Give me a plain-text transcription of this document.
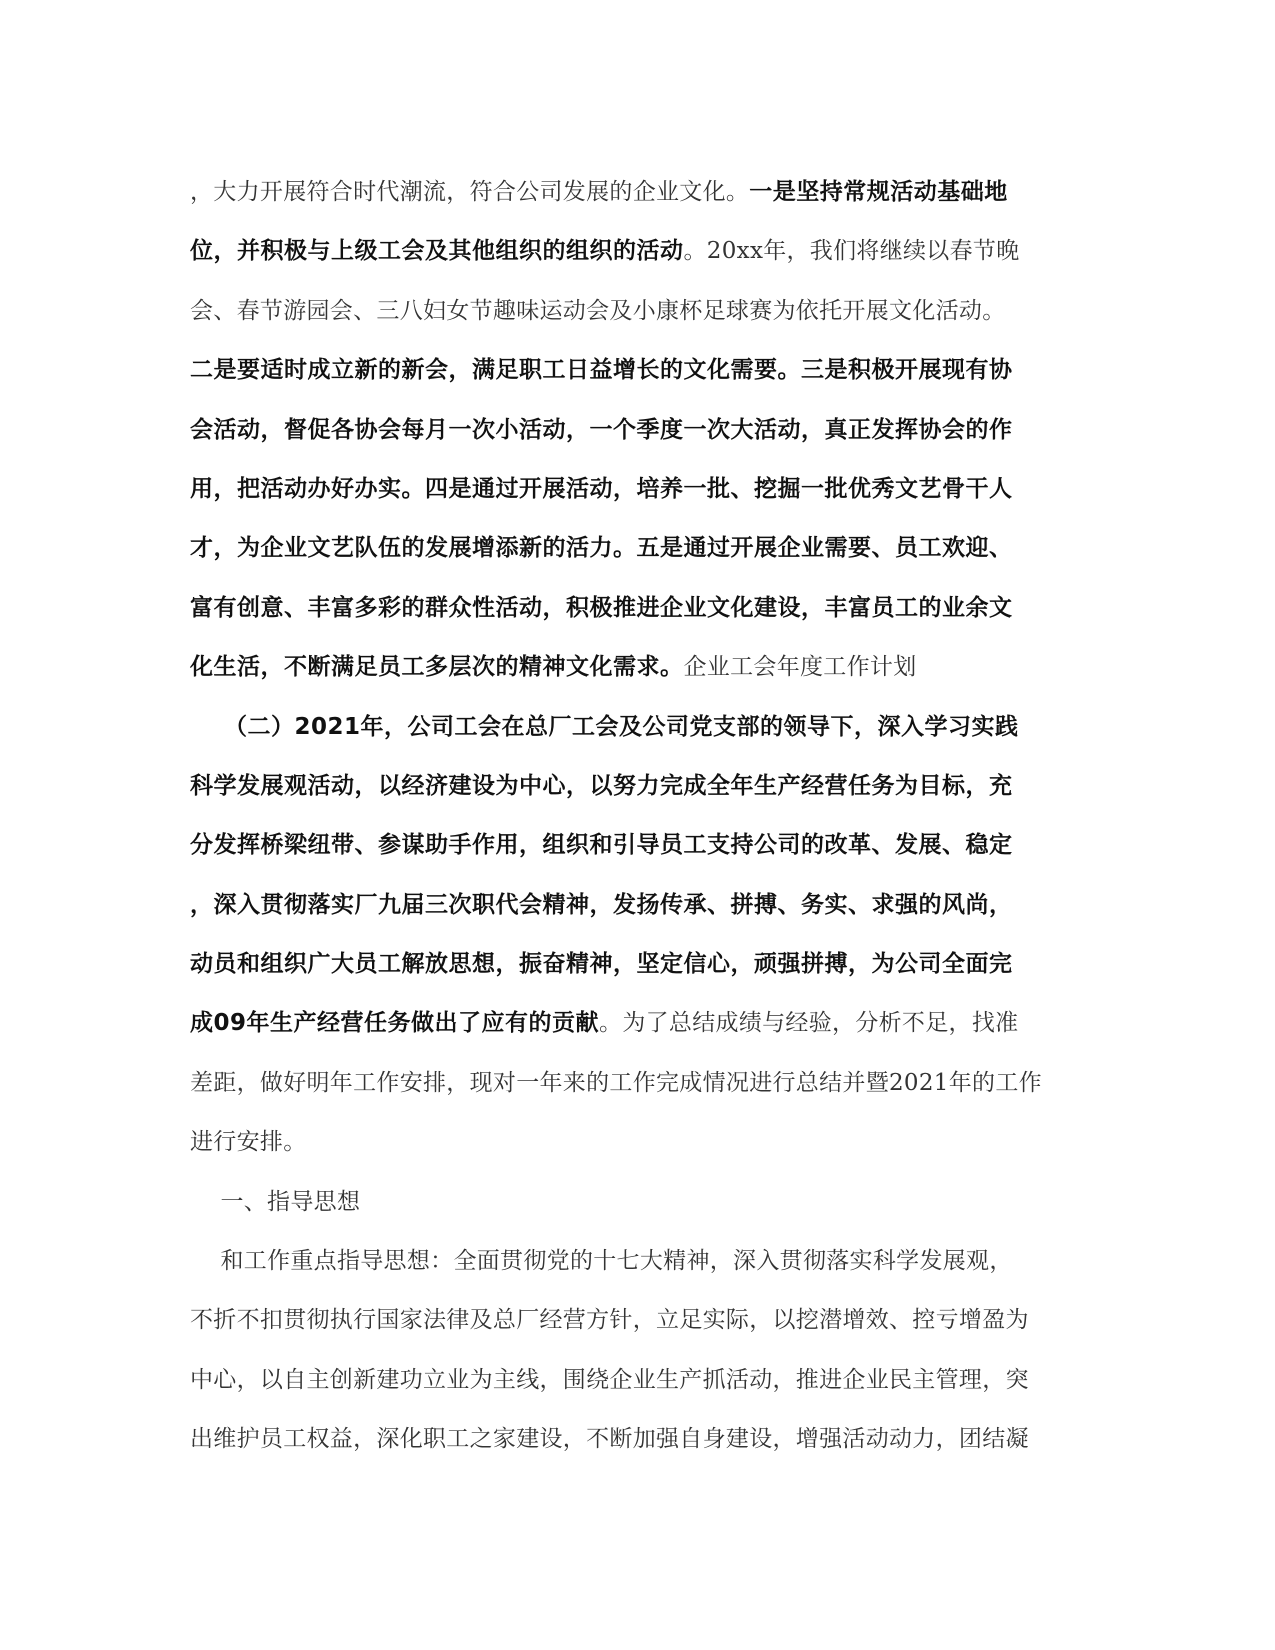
，大力开展符合时代潮流，符合公司发展的企业文化。一是坚持常规活动基础地
位，并积极与上级工会及其他组织的组织的活动。20xx年，我们将继续以春节晚
会、春节游园会、三八妇女节趣味运动会及小康杯足球赛为依托开展文化活动。
二是要适时成立新的新会，满足职工日益增长的文化需要。三是积极开展现有协
会活动，督促各协会每月一次小活动，一个季度一次大活动，真正发挥协会的作
用，把活动办好办实。四是通过开展活动，培养一批、挖掘一批优秀文艺骨干人
才，为企业文艺队伍的发展增添新的活力。五是通过开展企业需要、员工欢迎、
富有创意、丰富多彩的群众性活动，积极推进企业文化建设，丰富员工的业余文
化生活，不断满足员工多层次的精神文化需求。企业工会年度工作计划
（二）2021年，公司工会在总厂工会及公司党支部的领导下，深入学习实践
科学发展观活动，以经济建设为中心，以努力完成全年生产经营任务为目标，充
分发挥桥梁纽带、参谋助手作用，组织和引导员工支持公司的改革、发展、稳定
，深入贯彻落实厂九届三次职代会精神，发扬传承、拼搏、务实、求强的风尚，
动员和组织广大员工解放思想，振奋精神，坚定信心，顽强拼搏，为公司全面完
成09年生产经营任务做出了应有的贡献。为了总结成绩与经验，分析不足，找准
差距，做好明年工作安排，现对一年来的工作完成情况进行总结并暨2021年的工作
进行安排。
一、指导思想
和工作重点指导思想：全面贯彻党的十七大精神，深入贯彻落实科学发展观，
不折不扣贯彻执行国家法律及总厂经营方针，立足实际，以挖潜增效、控亏增盈为
中心，以自主创新建功立业为主线，围绕企业生产抓活动，推进企业民主管理，突
出维护员工权益，深化职工之家建设，不断加强自身建设，增强活动动力，团结凝
